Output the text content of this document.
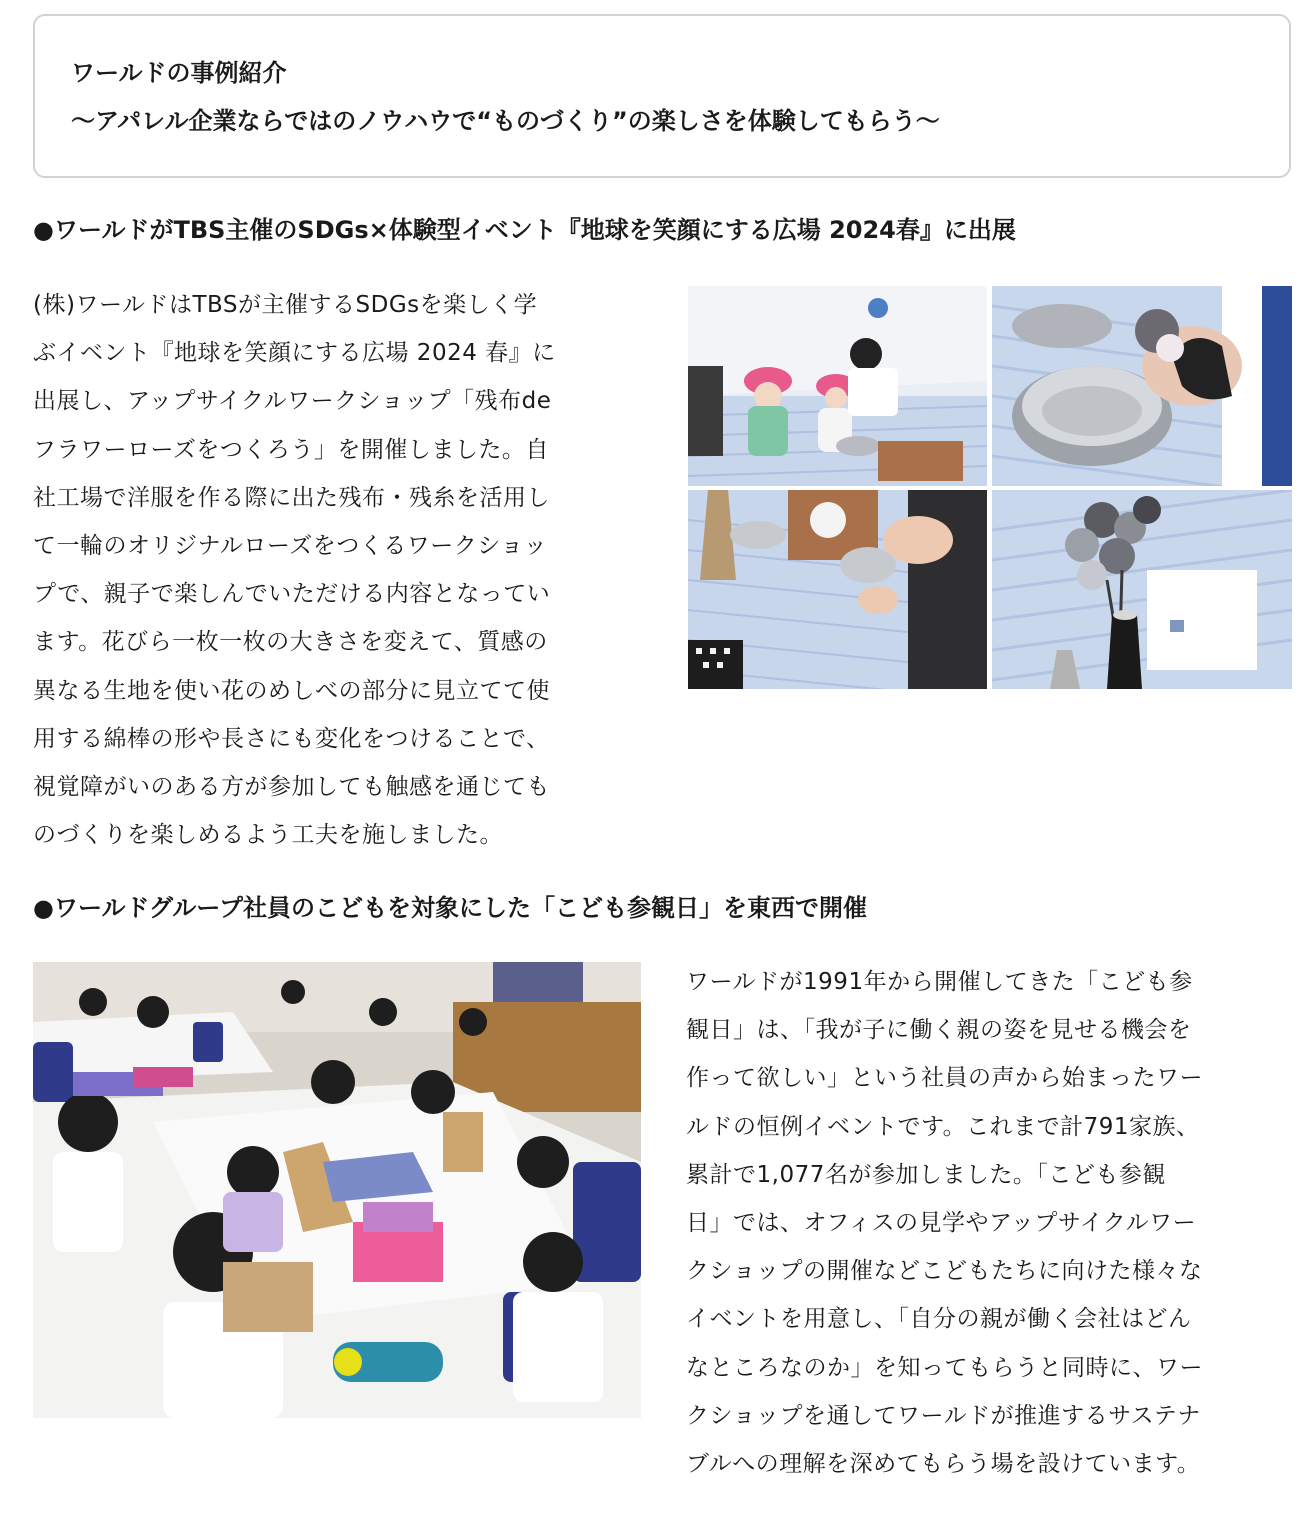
ワールドの事例紹介
〜アパレル企業ならではのノウハウで“ものづくり”の楽しさを体験してもらう〜
●ワールドがTBS主催のSDGs×体験型イベント『地球を笑顔にする広場 2024春』に出展
(株)ワールドはTBSが主催するSDGsを楽しく学
ぶイベント『地球を笑顔にする広場 2024 春』に
出展し、アップサイクルワークショップ「残布de
フラワーローズをつくろう」を開催しました。自
社工場で洋服を作る際に出た残布・残糸を活用し
て一輪のオリジナルローズをつくるワークショッ
プで、親子で楽しんでいただける内容となってい
ます。花びら一枚一枚の大きさを変えて、質感の
異なる生地を使い花のめしべの部分に見立てて使
用する綿棒の形や長さにも変化をつけることで、
視覚障がいのある方が参加しても触感を通じても
のづくりを楽しめるよう工夫を施しました。
●ワールドグループ社員のこどもを対象にした「こども参観日」を東西で開催
ワールドが1991年から開催してきた「こども参
観日」は、「我が子に働く親の姿を見せる機会を
作って欲しい」という社員の声から始まったワー
ルドの恒例イベントです。これまで計791家族、
累計で1,077名が参加しました。「こども参観
日」では、オフィスの見学やアップサイクルワー
クショップの開催などこどもたちに向けた様々な
イベントを用意し、「自分の親が働く会社はどん
なところなのか」を知ってもらうと同時に、ワー
クショップを通してワールドが推進するサステナ
ブルへの理解を深めてもらう場を設けています。
